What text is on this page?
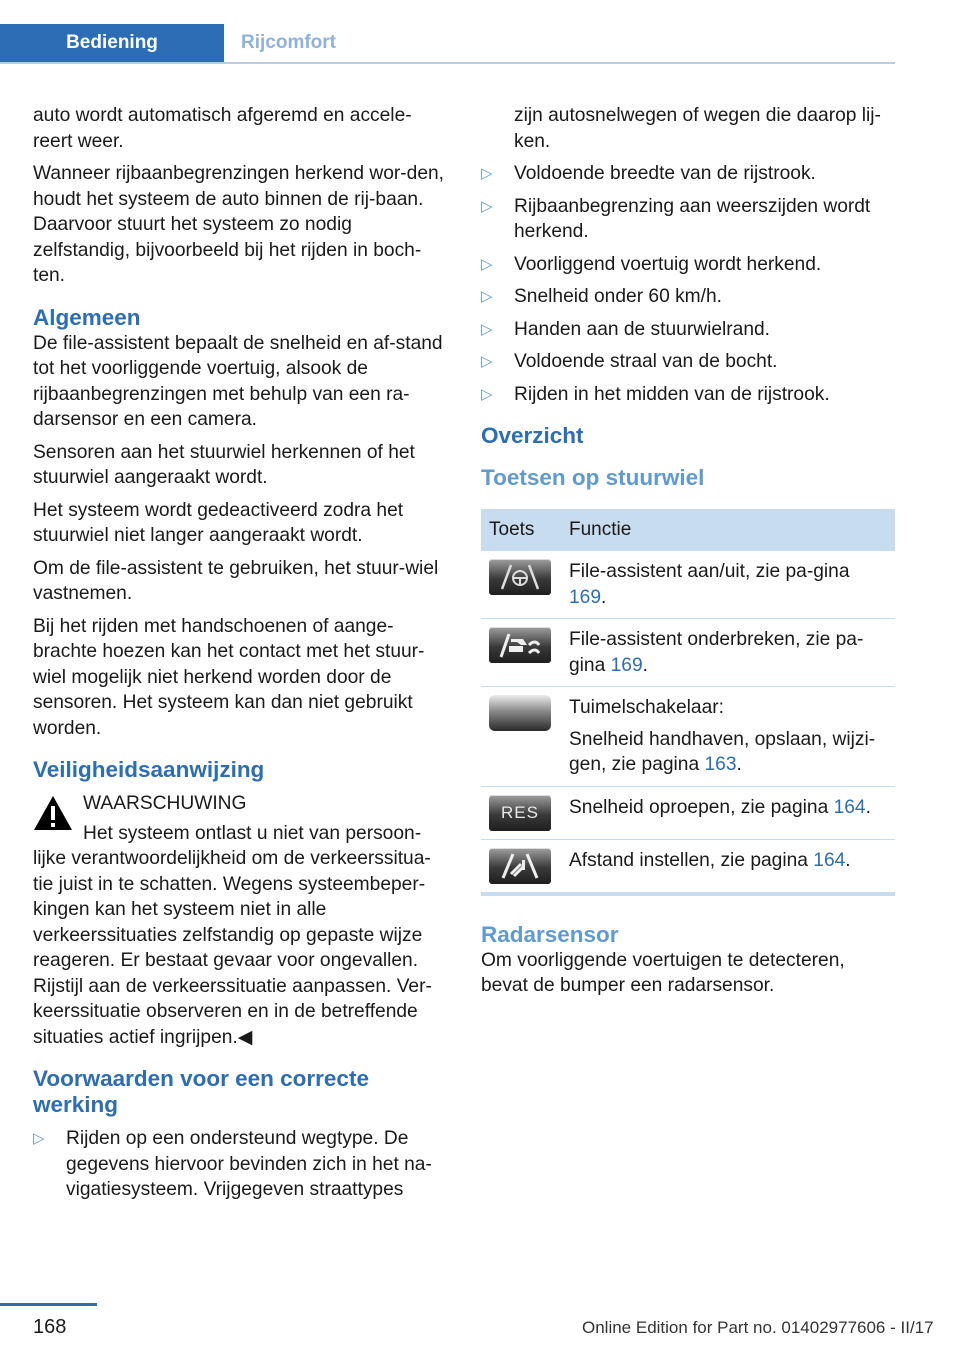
Bediening	Rijcomfort

auto wordt automatisch afgeremd en accele-reert weer.

Wanneer rijbaanbegrenzingen herkend wor-den, houdt het systeem de auto binnen de rij-baan. Daarvoor stuurt het systeem zo nodig zelfstandig, bijvoorbeeld bij het rijden in boch-ten.

Algemeen

De file-assistent bepaalt de snelheid en af-stand tot het voorliggende voertuig, alsook de rijbaanbegrenzingen met behulp van een ra-darsensor en een camera.

Sensoren aan het stuurwiel herkennen of het stuurwiel aangeraakt wordt.

Het systeem wordt gedeactiveerd zodra het stuurwiel niet langer aangeraakt wordt.

Om de file-assistent te gebruiken, het stuur-wiel vastnemen.

Bij het rijden met handschoenen of aange-brachte hoezen kan het contact met het stuur-wiel mogelijk niet herkend worden door de sensoren. Het systeem kan dan niet gebruikt worden.

Veiligheidsaanwijzing

WAARSCHUWING

Het systeem ontlast u niet van persoon-lijke verantwoordelijkheid om de verkeerssitua-tie juist in te schatten. Wegens systeembeper-kingen kan het systeem niet in alle verkeerssituaties zelfstandig op gepaste wijze reageren. Er bestaat gevaar voor ongevallen. Rijstijl aan de verkeerssituatie aanpassen. Ver-keerssituatie observeren en in de betreffende situaties actief ingrijpen.◀

Voorwaarden voor een correcte werking
▷ Rijden op een ondersteund wegtype. De gegevens hiervoor bevinden zich in het na-vigatiesysteem. Vrijgegeven straattypes
zijn autosnelwegen of wegen die daarop lij-ken.
▷ Voldoende breedte van de rijstrook.
▷ Rijbaanbegrenzing aan weerszijden wordt herkend.
▷ Voorliggend voertuig wordt herkend.
▷ Snelheid onder 60 km/h.
▷ Handen aan de stuurwielrand.
▷ Voldoende straal van de bocht.
▷ Rijden in het midden van de rijstrook.
Overzicht
Toetsen op stuurwiel
Toets	Functie

	File-assistent aan/uit, zie pa-gina 169.

	File-assistent onderbreken, zie pa-gina 169.

	Tuimelschakelaar:

Snelheid handhaven, opslaan, wijzi-gen, zie pagina 163.

RES	Snelheid oproepen, zie pagina 164.

	Afstand instellen, zie pagina 164.
Radarsensor

Om voorliggende voertuigen te detecteren, bevat de bumper een radarsensor.

168	Online Edition for Part no. 01402977606 - II/17
